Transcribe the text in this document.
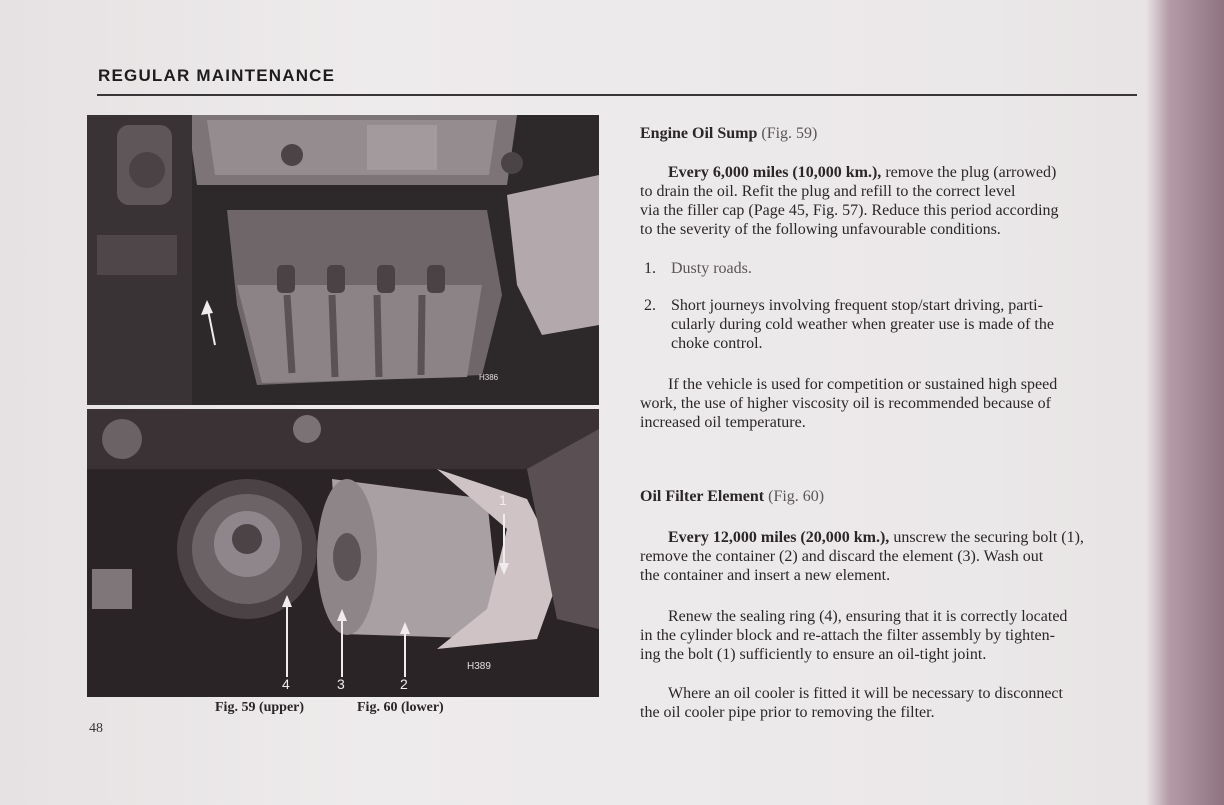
REGULAR MAINTENANCE
H386
1
2
3
4
H389
Fig. 59 (upper)	Fig. 60 (lower)
48
Engine Oil Sump (Fig. 59)
Every 6,000 miles (10,000 km.), remove the plug (arrowed)
to drain the oil. Refit the plug and refill to the correct level
via the filler cap (Page 45, Fig. 57). Reduce this period according
to the severity of the following unfavourable conditions.
1. Dusty roads.
2. Short journeys involving frequent stop/start driving, parti-
cularly during cold weather when greater use is made of the
choke control.
If the vehicle is used for competition or sustained high speed
work, the use of higher viscosity oil is recommended because of
increased oil temperature.
Oil Filter Element (Fig. 60)
Every 12,000 miles (20,000 km.), unscrew the securing bolt (1),
remove the container (2) and discard the element (3). Wash out
the container and insert a new element.
Renew the sealing ring (4), ensuring that it is correctly located
in the cylinder block and re-attach the filter assembly by tighten-
ing the bolt (1) sufficiently to ensure an oil-tight joint.
Where an oil cooler is fitted it will be necessary to disconnect
the oil cooler pipe prior to removing the filter.
